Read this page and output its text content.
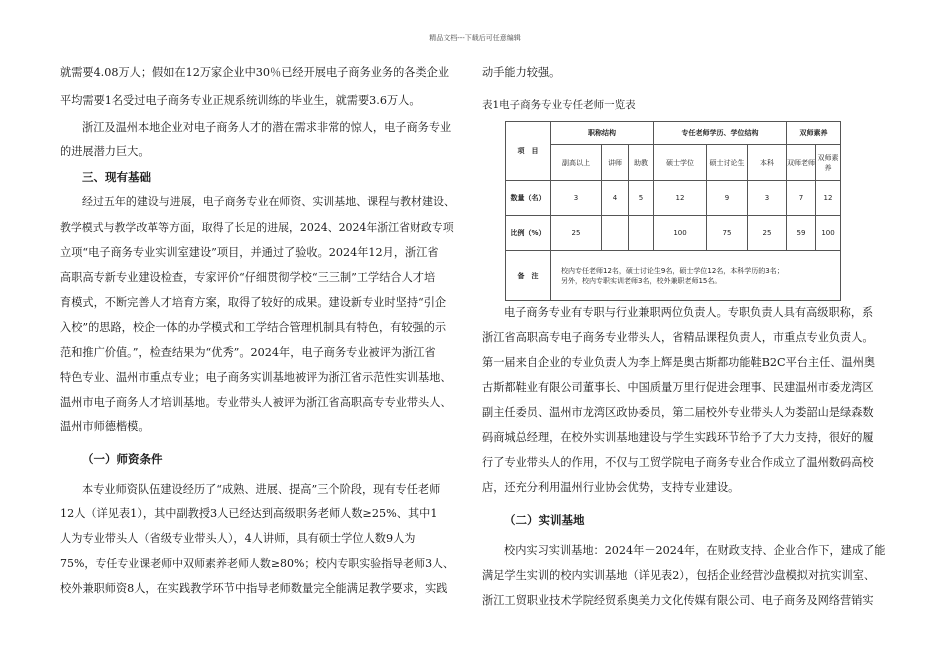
精品文档---下载后可任意编辑
就需要4.08万人；假如在12万家企业中30％已经开展电子商务业务的各类企业
平均需要1名受过电子商务专业正规系统训练的毕业生，就需要3.6万人。
浙江及温州本地企业对电子商务人才的潜在需求非常的惊人，电子商务专业
的进展潜力巨大。
三、现有基础
经过五年的建设与进展，电子商务专业在师资、实训基地、课程与教材建设、
教学模式与教学改革等方面，取得了长足的进展，2024、2024年浙江省财政专项
立项“电子商务专业实训室建设”项目，并通过了验收。2024年12月，浙江省
高职高专新专业建设检查，专家评价“仔细贯彻学校“三三制”工学结合人才培
育模式，不断完善人才培育方案，取得了较好的成果。建设新专业时坚持“引企
入校”的思路，校企一体的办学模式和工学结合管理机制具有特色，有较强的示
范和推广价值。”，检查结果为“优秀”。2024年，电子商务专业被评为浙江省
特色专业、温州市重点专业；电子商务实训基地被评为浙江省示范性实训基地、
温州市电子商务人才培训基地。专业带头人被评为浙江省高职高专专业带头人、
温州市师德楷模。
（一）师资条件
本专业师资队伍建设经历了“成熟、进展、提高”三个阶段，现有专任老师
12人（详见表1），其中副教授3人已经达到高级职务老师人数≥25%、其中1
人为专业带头人（省级专业带头人），4人讲师，具有硕士学位人数9人为
75%，专任专业课老师中双师素养老师人数≥80%；校内专职实验指导老师3人、
校外兼职师资8人，在实践教学环节中指导老师数量完全能满足教学要求，实践
动手能力较强。
表1电子商务专业专任老师一览表
项　目	职称结构			专任老师学历、学位结构			双师素养	
	副高以上	讲师	助教	硕士学位	硕士讨论生	本科	双师老师	双师素养
数量（名）	3	4	5	12	9	3	7	12
比例（%）	25			100	75	25	59	100
备　注	校内专任老师12名，硕士讨论生9名，硕士学位12名，本科学历的3名；
另外，校内专职实训老师3名，校外兼职老师15名。							
电子商务专业有专职与行业兼职两位负责人。专职负责人具有高级职称，系
浙江省高职高专电子商务专业带头人，省精品课程负责人，市重点专业负责人。
第一届来自企业的专业负责人为李上辉是奥古斯都功能鞋B2C平台主任、温州奥
古斯都鞋业有限公司董事长、中国质量万里行促进会理事、民建温州市委龙湾区
副主任委员、温州市龙湾区政协委员，第二届校外专业带头人为娄韶山是绿森数
码商城总经理，在校外实训基地建设与学生实践环节给予了大力支持，很好的履
行了专业带头人的作用，不仅与工贸学院电子商务专业合作成立了温州数码高校
店，还充分利用温州行业协会优势，支持专业建设。
（二）实训基地
校内实习实训基地：2024年－2024年，在财政支持、企业合作下，建成了能
满足学生实训的校内实训基地（详见表2），包括企业经营沙盘模拟对抗实训室、
浙江工贸职业技术学院经贸系奥美力文化传媒有限公司、电子商务及网络营销实
